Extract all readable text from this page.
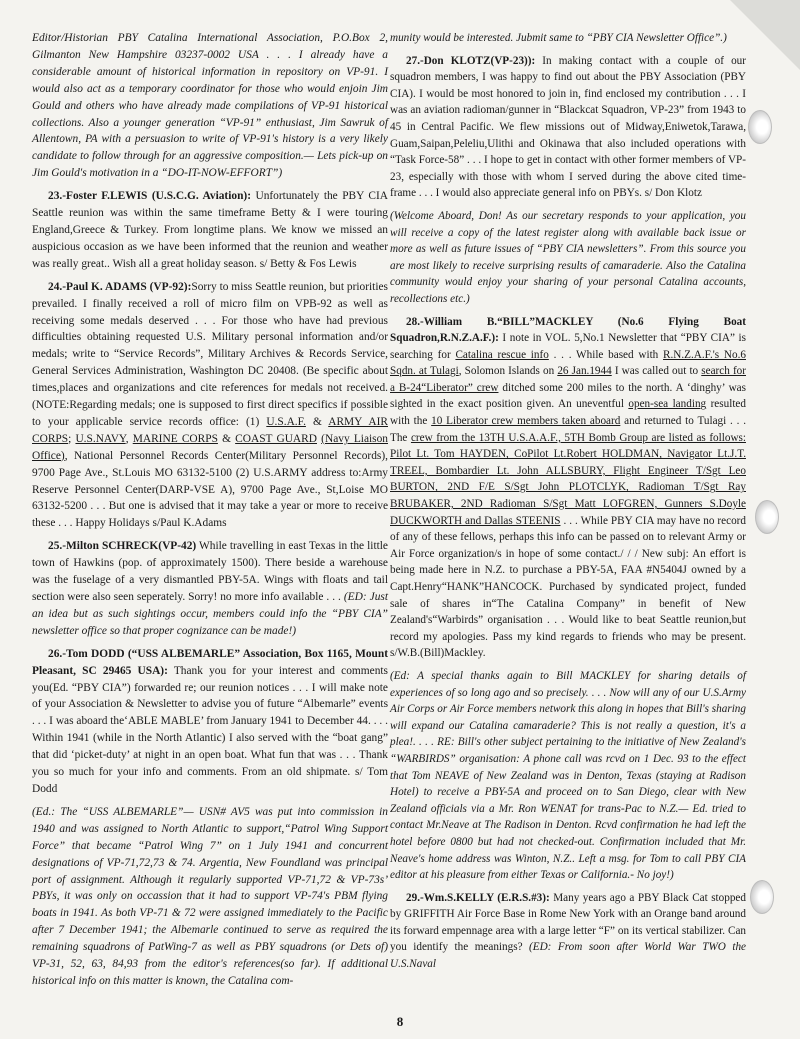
Editor/Historian PBY Catalina International Association, P.O.Box 2, Gilmanton New Hampshire 03237-0002 USA . . . I already have a considerable amount of historical information in repository on VP-91. I would also act as a temporary coordinator for those who would enjoin Jim Gould and others who have already made compilations of VP-91 historical collections. Also a younger generation “VP-91” enthusiast, Jim Sawruk of Allentown, PA with a persuasion to write of VP-91's history is a very likely candidate to follow through for an aggressive composition.— Lets pick-up on Jim Gould's motivation in a “DO-IT-NOW-EFFORT”)

23.-Foster F.LEWIS (U.S.C.G. Aviation): Unfortunately the PBY CIA Seattle reunion was within the same timeframe Betty & I were touring England,Greece & Turkey. From longtime plans. We know we missed an auspicious occasion as we have been informed that the reunion and weather was really great.. Wish all a great holiday season. s/ Betty & Fos Lewis

24.-Paul K. ADAMS (VP-92):Sorry to miss Seattle reunion, but priorities prevailed. I finally received a roll of micro film on VPB-92 as well as receiving some medals deserved . . . For those who have had previous difficulties obtaining requested U.S. Military personal information and/or medals; write to “Service Records”, Military Archives & Records Service, General Services Administration, Washington DC 20408. (Be specific about times,places and organizations and cite references for medals not received. (NOTE:Regarding medals; one is supposed to first direct specifics if possible to your applicable service records office: (1) U.S.A.F. & ARMY AIR CORPS; U.S.NAVY, MARINE CORPS & COAST GUARD (Navy Liaison Office), National Personnel Records Center(Military Personnel Records), 9700 Page Ave., St.Louis MO 63132-5100 (2) U.S.ARMY address to:Army Reserve Personnel Center(DARP-VSE A), 9700 Page Ave., St,Loise MO 63132-5200 . . . But one is advised that it may take a year or more to receive these . . . Happy Holidays s/Paul K.Adams

25.-Milton SCHRECK(VP-42) While travelling in east Texas in the little town of Hawkins (pop. of approximately 1500). There beside a warehouse was the fuselage of a very dismantled PBY-5A. Wings with floats and tail section were also seen seperately. Sorry! no more info available . . . (ED: Just an idea but as such sightings occur, members could info the “PBY CIA” newsletter office so that proper cognizance can be made!)

26.-Tom DODD (“USS ALBEMARLE” Association, Box 1165, Mount Pleasant, SC 29465 USA): Thank you for your interest and comments you(Ed. “PBY CIA”) forwarded re; our reunion notices . . . I will make note of your Association & Newsletter to advise you of future “Albemarle” events . . . I was aboard the‘ABLE MABLE’ from January 1941 to December 44. . . . Within 1941 (while in the North Atlantic) I also served with the “boat gang” that did ‘picket-duty’ at night in an open boat. What fun that was . . . Thank you so much for your info and comments. From an old shipmate. s/ Tom Dodd

(Ed.: The “USS ALBEMARLE”— USN# AV5 was put into commission in 1940 and was assigned to North Atlantic to support,“Patrol Wing Support Force” that became “Patrol Wing 7” on 1 July 1941 and concurrent designations of VP-71,72,73 & 74. Argentia, New Foundland was principal port of assignment. Although it regularly supported VP-71,72 & VP-73s’ PBYs, it was only on occassion that it had to support VP-74's PBM flying boats in 1941. As both VP-71 & 72 were assigned immediately to the Pacific after 7 December 1941; the Albemarle continued to serve as required the remaining squadrons of PatWing-7 as well as PBY squadrons (or Dets of) VP-31, 52, 63, 84,93 from the editor's references(so far). If additional historical info on this matter is known, the Catalina com-

munity would be interested. Jubmit same to “PBY CIA Newsletter Office”.)

27.-Don KLOTZ(VP-23)): In making contact with a couple of our squadron members, I was happy to find out about the PBY Association (PBY CIA). I would be most honored to join in, find enclosed my contribution . . . I was an aviation radioman/gunner in “Blackcat Squadron, VP-23” from 1943 to 45 in Central Pacific. We flew missions out of Midway,Eniwetok,Tarawa, Guam,Saipan,Peleliu,Ulithi and Okinawa that also included operations with “Task Force-58” . . . I hope to get in contact with other former members of VP-23, especially with those with whom I served during the above cited time-frame . . . I would also appreciate general info on PBYs. s/ Don Klotz

(Welcome Aboard, Don! As our secretary responds to your application, you will receive a copy of the latest register along with available back issue or more as well as future issues of “PBY CIA newsletters”. From this source you are most likely to receive surprising results of camaraderie. Also the Catalina community would enjoy your sharing of your personal Catalina accounts, recollections etc.)

28.-William B.“BILL”MACKLEY (No.6 Flying Boat Squadron,R.N.Z.A.F.): I note in VOL. 5,No.1 Newsletter that “PBY CIA” is searching for Catalina rescue info . . . While based with R.N.Z.A.F.'s No.6 Sqdn. at Tulagi, Solomon Islands on 26 Jan.1944 I was called out to search for a B-24“Liberator” crew ditched some 200 miles to the north. A ‘dinghy’ was sighted in the exact position given. An uneventful open-sea landing resulted with the 10 Liberator crew members taken aboard and returned to Tulagi . . . The crew from the 13TH U.S.A.A.F., 5TH Bomb Group are listed as follows: Pilot Lt. Tom HAYDEN, CoPilot Lt.Robert HOLDMAN, Navigator Lt.J.T. TREEL, Bombardier Lt. John ALLSBURY, Flight Engineer T/Sgt Leo BURTON, 2ND F/E S/Sgt John PLOTCLYK, Radioman T/Sgt Ray BRUBAKER, 2ND Radioman S/Sgt Matt LOFGREN, Gunners S.Doyle DUCKWORTH and Dallas STEENIS . . . While PBY CIA may have no record of any of these fellows, perhaps this info can be passed on to relevant Army or Air Force organization/s in hope of some contact./ / / New subj: An effort is being made here in N.Z. to purchase a PBY-5A, FAA #N5404J owned by a Capt.Henry“HANK”HANCOCK. Purchased by syndicated project, funded sale of shares in“The Catalina Company” in benefit of New Zealand's“Warbirds” organisation . . . Would like to beat Seattle reunion,but record my apologies. Pass my kind regards to friends who may be present. s/W.B.(Bill)Mackley.

(Ed: A special thanks again to Bill MACKLEY for sharing details of experiences of so long ago and so precisely. . . . Now will any of our U.S.Army Air Corps or Air Force members network this along in hopes that Bill's sharing will expand our Catalina camaraderie? This is not really a question, it's a plea!. . . . RE: Bill's other subject pertaining to the initiative of New Zealand's “WARBIRDS” organisation: A phone call was rcvd on 1 Dec. 93 to the effect that Tom NEAVE of New Zealand was in Denton, Texas (staying at Radison Hotel) to receive a PBY-5A and proceed on to San Diego, clear with New Zealand officials via a Mr. Ron WENAT for trans-Pac to N.Z.— Ed. tried to contact Mr.Neave at The Radison in Denton. Rcvd confirmation he had left the hotel before 0800 but had not checked-out. Confirmation included that Mr. Neave's home address was Winton, N.Z.. Left a msg. for Tom to call PBY CIA editor at his pleasure from either Texas or California.- No joy!)

29.-Wm.S.KELLY (E.R.S.#3): Many years ago a PBY Black Cat stopped by GRIFFITH Air Force Base in Rome New York with an Orange band around its forward empennage area with a large letter “F” on its vertical stabilizer. Can you identify the meanings? (ED: From soon after World War TWO the U.S.Naval

8
